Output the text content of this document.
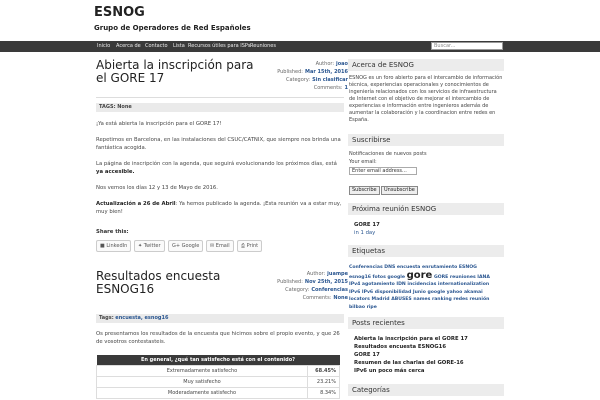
ESNOG
Grupo de Operadores de Red Españoles
Inicio Acerca de Contacto Lista Recursos útiles para ISPs Reuniones	Buscar...
Abierta la inscripción para el GORE 17
Author: joao
Published: Mar 15th, 2016
Category: Sin clasificar
Comments: 1
TAGS: None
¡Ya está abierta la inscripción para el GORE 17!
Repetimos en Barcelona, en las instalaciones del CSUC/CATNIX, que siempre nos brinda una fantástica acogida.
La página de inscripción con la agenda, que seguirá evolucionando los próximos días, está ya accesible.
Nos vemos los días 12 y 13 de Mayo de 2016.
Actualización a 26 de Abril: Ya hemos publicado la agenda. ¡Esta reunión va a estar muy, muy bien!
Share this:
■ LinkedIn	✦ Twitter	G+ Google	✉ Email	⎙ Print
Resultados encuesta ESNOG16
Author: juampe
Published: Nov 25th, 2015
Category: Conferencias
Comments: None
Tags: encuesta, esnog16
Os presentamos los resultados de la encuesta que hicimos sobre el propio evento, y que 26 de vosotros contestasteis.
En general, ¿qué tan satisfecho está con el contenido?	
Extremadamente satisfecho	68.45%
Muy satisfecho	23.21%
Moderadamente satisfecho	8.34%
Acerca de ESNOG
ESNOG es un foro abierto para el intercambio de información técnica, experiencias operacionales y conocimientos de ingeniería relacionados con los servicios de infraestructura de Internet con el objetivo de mejorar el intercambio de experiencias e información entre ingenieros además de aumentar la colaboración y la coordinacion entre redes en España.
Suscribirse
Notificaciones de nuevos posts
Your email:
Enter email address...
Subscribe	Unsubscribe
Próxima reunión ESNOG
GORE 17
in 1 day
Etiquetas
Conferencias DNS encuesta enrutamiento ESNOG
esnog16 fotos google gore GORE reuniones IANA
IPv4 agotamiento IDN incidencias internationalization
IPv6 IPv6 disponibilidad Junio google yahoo akamai
locators Madrid ABUSES names ranking redes reunión
bilbao ripe
Posts recientes
Abierta la inscripción para el GORE 17
Resultados encuesta ESNOG16
GORE 17
Resumen de las charlas del GORE-16
IPv6 un poco más cerca
Categorías
